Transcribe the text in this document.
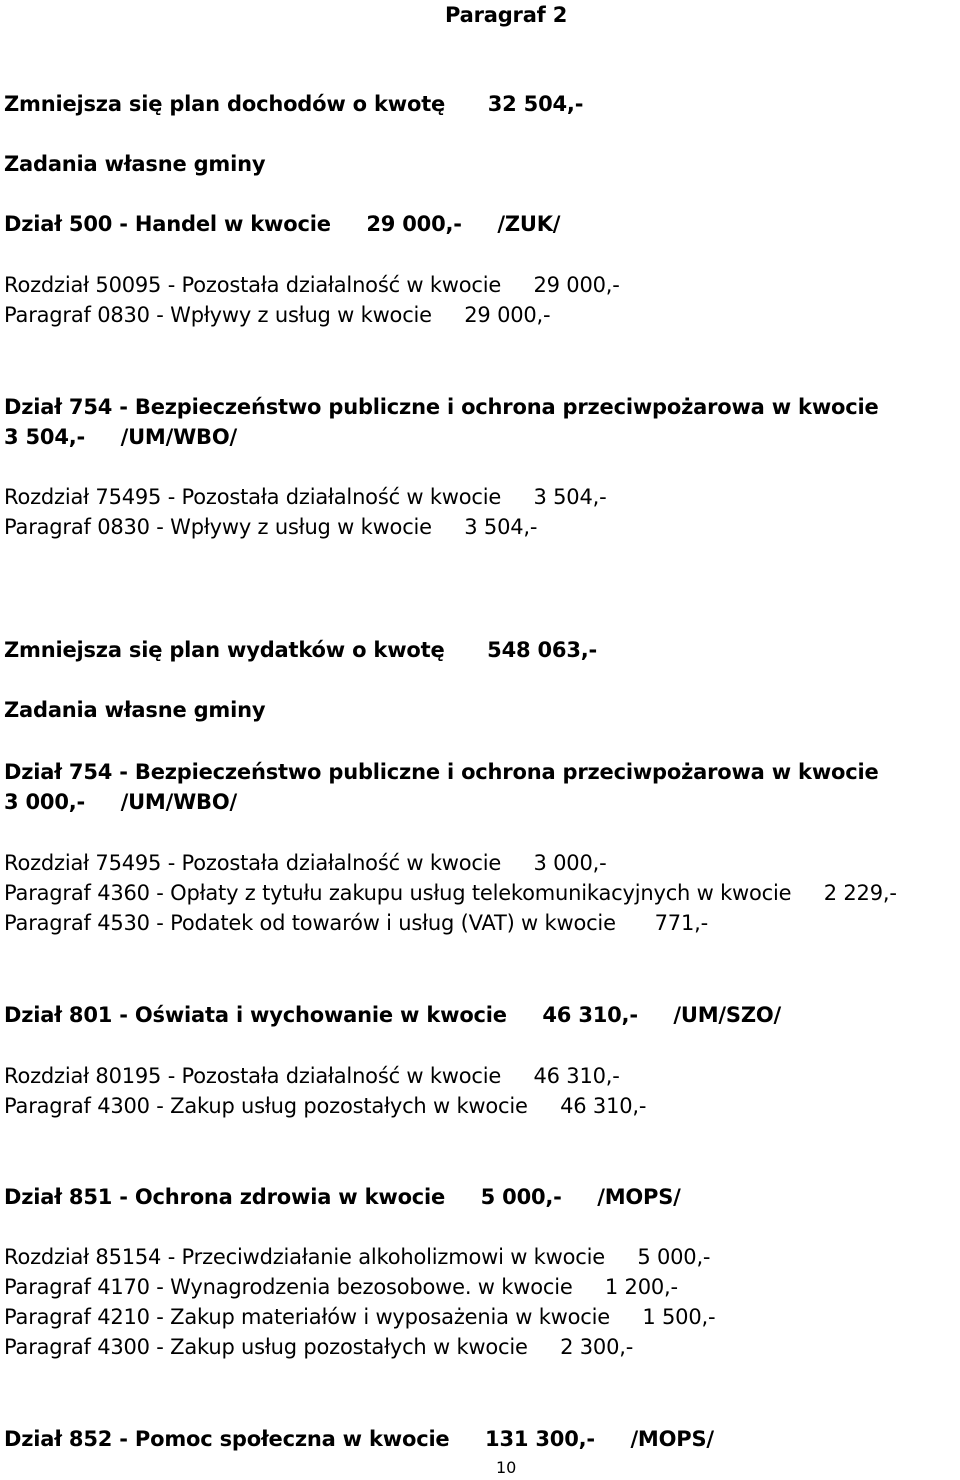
Paragraf 2

Zmniejsza się plan dochodów o kwotę      32 504,-

Zadania własne gminy

Dział 500 - Handel w kwocie     29 000,-     /ZUK/

Rozdział 50095 - Pozostała działalność w kwocie     29 000,-

Paragraf 0830 - Wpływy z usług w kwocie     29 000,-

Dział 754 - Bezpieczeństwo publiczne i ochrona przeciwpożarowa w kwocie

3 504,-     /UM/WBO/

Rozdział 75495 - Pozostała działalność w kwocie     3 504,-

Paragraf 0830 - Wpływy z usług w kwocie     3 504,-

Zmniejsza się plan wydatków o kwotę      548 063,-

Zadania własne gminy

Dział 754 - Bezpieczeństwo publiczne i ochrona przeciwpożarowa w kwocie

3 000,-     /UM/WBO/

Rozdział 75495 - Pozostała działalność w kwocie     3 000,-

Paragraf 4360 - Opłaty z tytułu zakupu usług telekomunikacyjnych w kwocie     2 229,-

Paragraf 4530 - Podatek od towarów i usług (VAT) w kwocie      771,-

Dział 801 - Oświata i wychowanie w kwocie     46 310,-     /UM/SZO/

Rozdział 80195 - Pozostała działalność w kwocie     46 310,-

Paragraf 4300 - Zakup usług pozostałych w kwocie     46 310,-

Dział 851 - Ochrona zdrowia w kwocie     5 000,-     /MOPS/

Rozdział 85154 - Przeciwdziałanie alkoholizmowi w kwocie     5 000,-

Paragraf 4170 - Wynagrodzenia bezosobowe. w kwocie     1 200,-

Paragraf 4210 - Zakup materiałów i wyposażenia w kwocie     1 500,-

Paragraf 4300 - Zakup usług pozostałych w kwocie     2 300,-

Dział 852 - Pomoc społeczna w kwocie     131 300,-     /MOPS/

10
